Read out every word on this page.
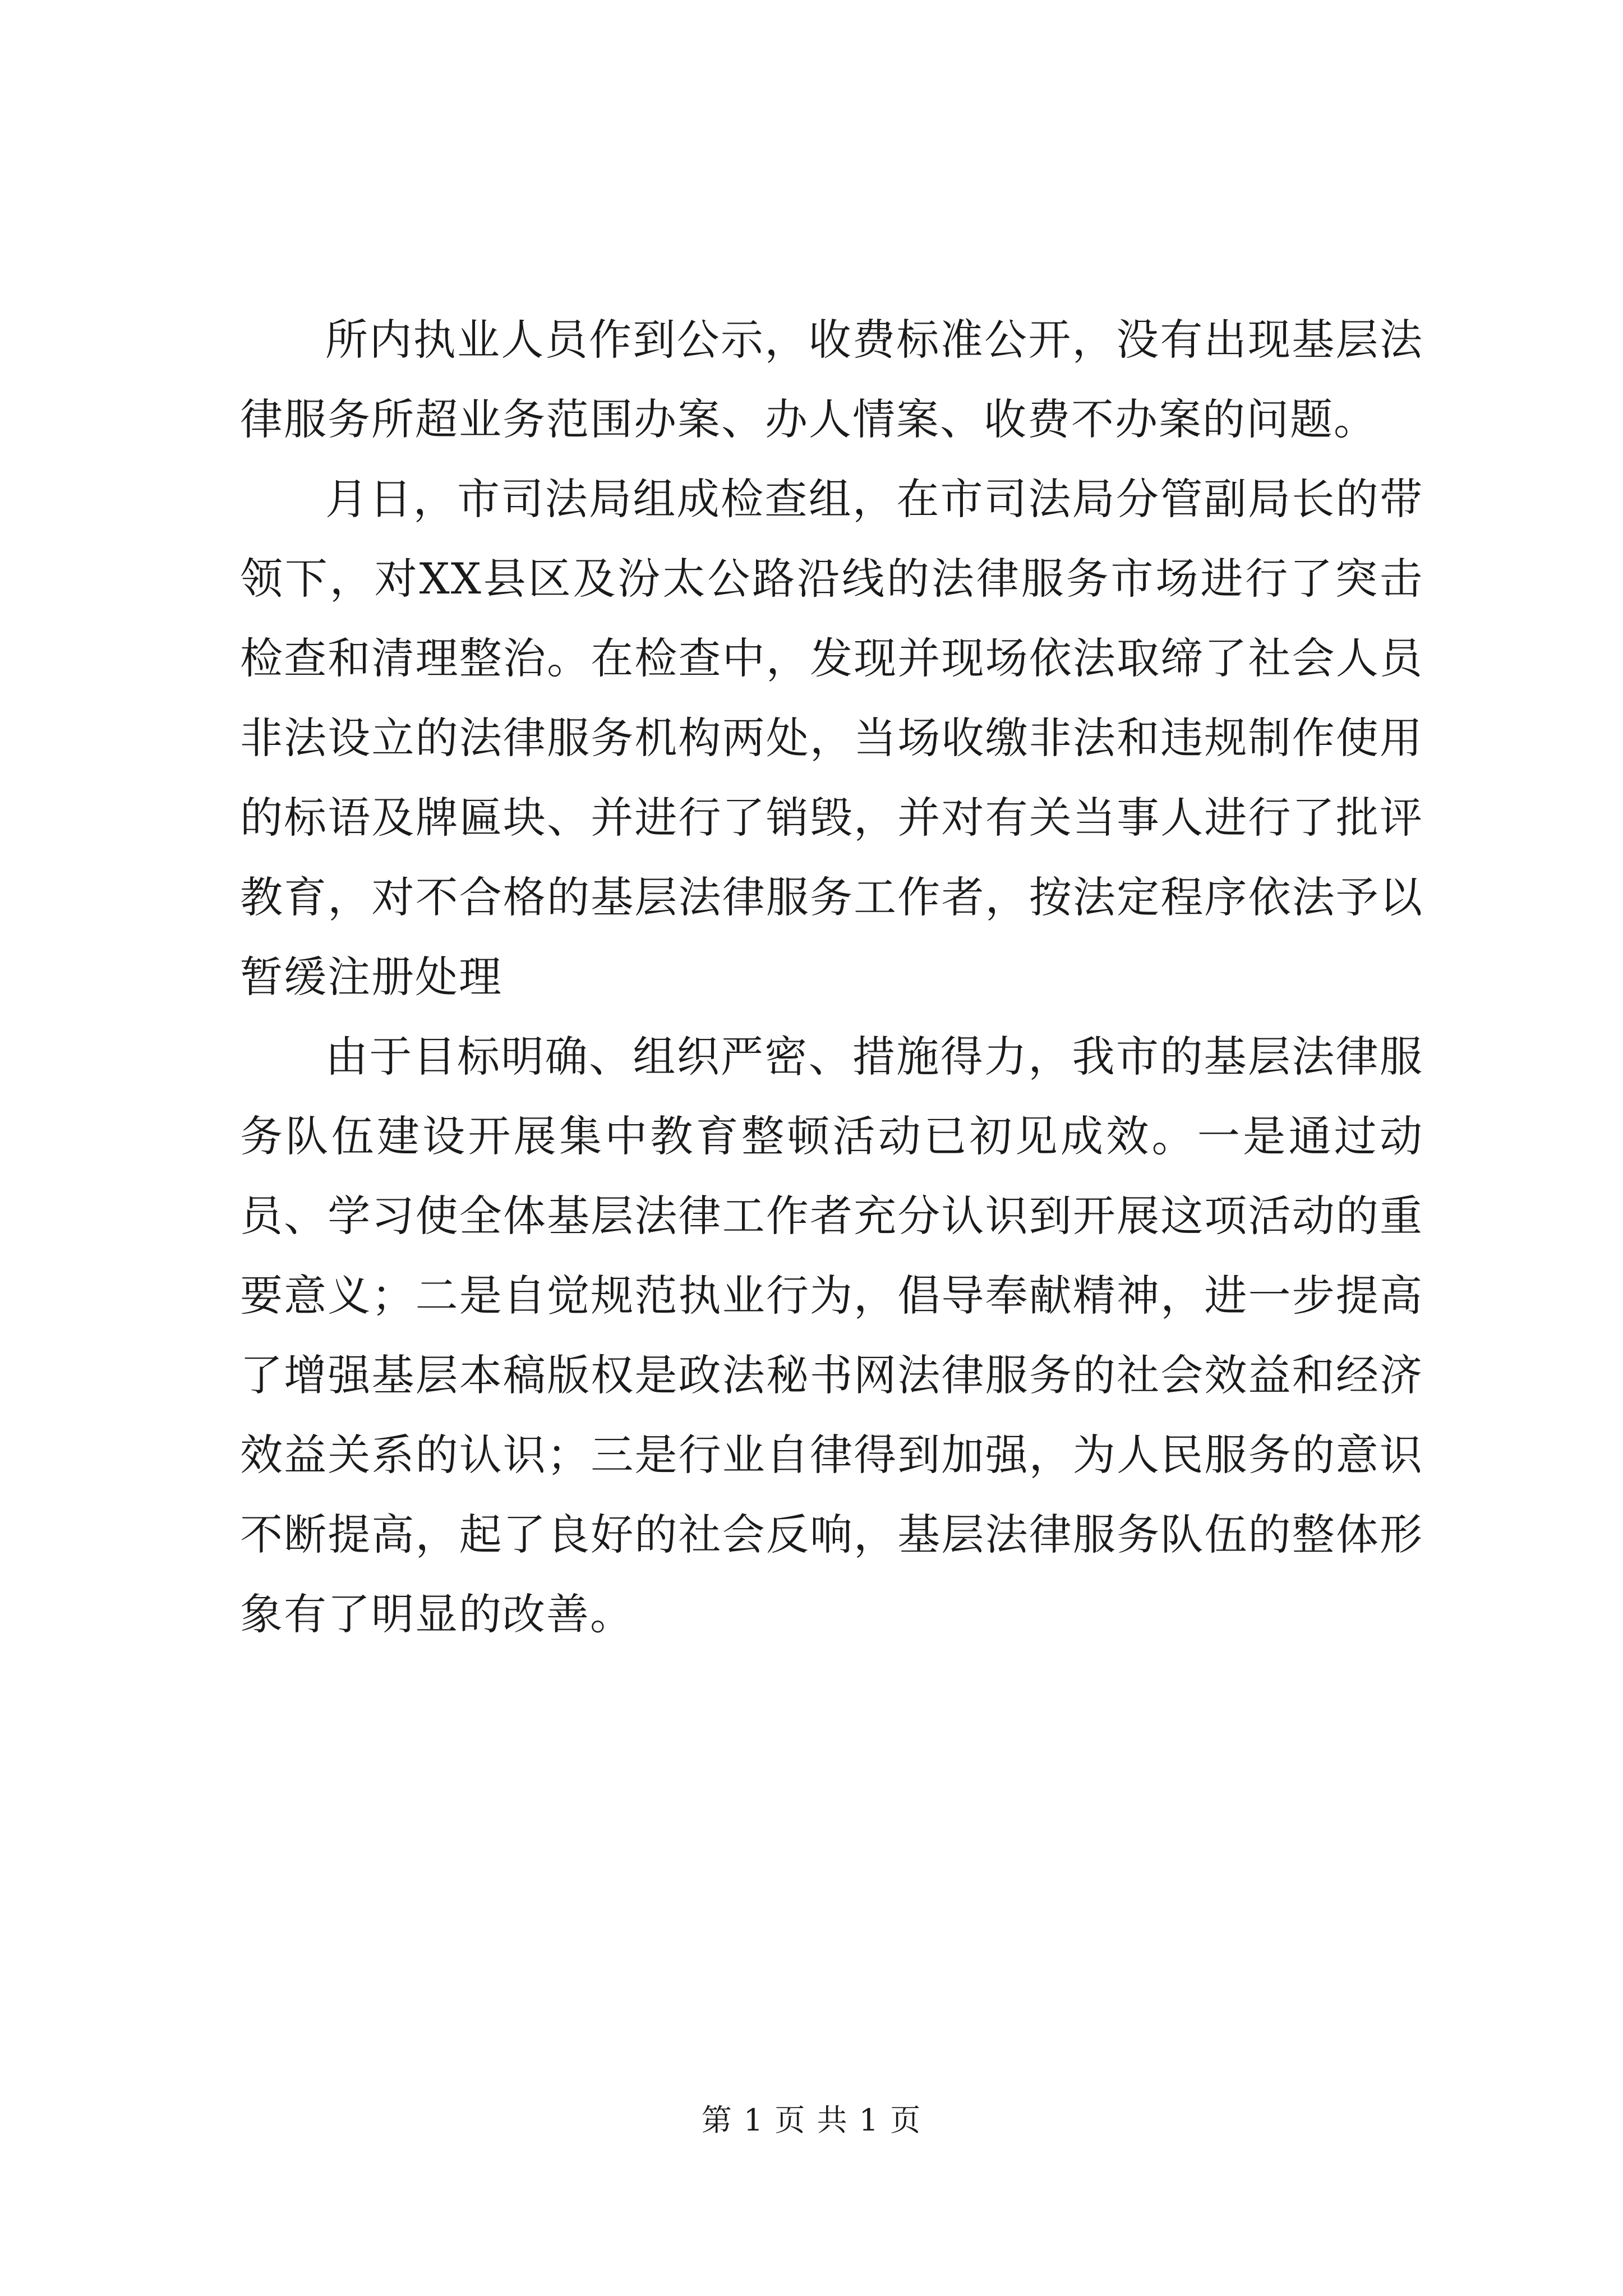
所内执业人员作到公示，收费标准公开，没有出现基层法律服务所超业务范围办案、办人情案、收费不办案的问题。

月日，市司法局组成检查组，在市司法局分管副局长的带领下，对XX县区及汾太公路沿线的法律服务市场进行了突击检查和清理整治。在检查中，发现并现场依法取缔了社会人员非法设立的法律服务机构两处，当场收缴非法和违规制作使用的标语及牌匾块、并进行了销毁，并对有关当事人进行了批评教育，对不合格的基层法律服务工作者，按法定程序依法予以暂缓注册处理

由于目标明确、组织严密、措施得力，我市的基层法律服务队伍建设开展集中教育整顿活动已初见成效。一是通过动员、学习使全体基层法律工作者充分认识到开展这项活动的重要意义；二是自觉规范执业行为，倡导奉献精神，进一步提高了增强基层本稿版权是政法秘书网法律服务的社会效益和经济效益关系的认识；三是行业自律得到加强，为人民服务的意识不断提高，起了良好的社会反响，基层法律服务队伍的整体形象有了明显的改善。

第 1 页 共 1 页
